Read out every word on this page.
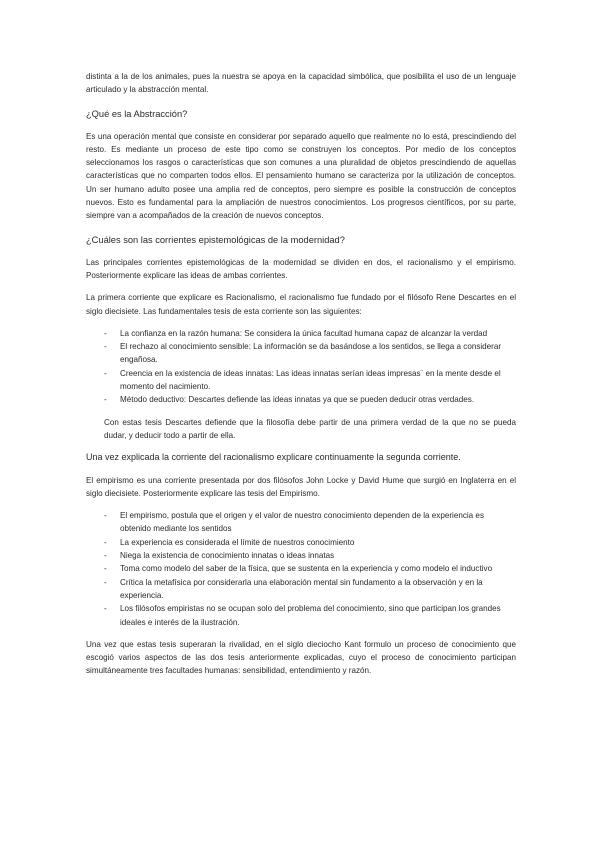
distinta a la de los animales, pues la nuestra se apoya en la capacidad simbólica, que posibilita el uso de un lenguaje articulado y la abstracción mental.

¿Qué es la Abstracción?

Es una operación mental que consiste en considerar por separado aquello que realmente no lo está, prescindiendo del resto. Es mediante un proceso de este tipo como se construyen los conceptos. Por medio de los conceptos seleccionamos los rasgos o características que son comunes a una pluralidad de objetos prescindiendo de aquellas características que no comparten todos ellos. El pensamiento humano se caracteriza por la utilización de conceptos. Un ser humano adulto posee una amplia red de conceptos, pero siempre es posible la construcción de conceptos nuevos. Esto es fundamental para la ampliación de nuestros conocimientos. Los progresos científicos, por su parte, siempre van a acompañados de la creación de nuevos conceptos.

¿Cuáles son las corrientes epistemológicas de la modernidad?

Las principales corrientes epistemológicas de la modernidad se dividen en dos, el racionalismo y el empirismo. Posteriormente explicare las ideas de ambas corrientes.

La primera corriente que explicare es Racionalismo, el racionalismo fue fundado por el filósofo Rene Descartes en el siglo diecisiete. Las fundamentales tesis de esta corriente son las siguientes:

- La confianza en la razón humana: Se considera la única facultad humana capaz de alcanzar la verdad
- El rechazo al conocimiento sensible: La información se da basándose a los sentidos, se llega a considerar engañosa.
- Creencia en la existencia de ideas innatas: Las ideas innatas serían ideas impresas¨ en la mente desde el momento del nacimiento.
- Método deductivo: Descartes defiende las ideas innatas ya que se pueden deducir otras verdades.

Con estas tesis Descartes defiende que la filosofía debe partir de una primera verdad de la que no se pueda dudar, y deducir todo a partir de ella.

Una vez explicada la corriente del racionalismo explicare continuamente la segunda corriente.

El empirismo es una corriente presentada por dos filósofos John Locke y David Hume que surgió en Inglaterra en el siglo diecisiete. Posteriormente explicare las tesis del Empirismo.

- El empirismo, postula que el origen y el valor de nuestro conocimiento dependen de la experiencia es obtenido mediante los sentidos
- La experiencia es considerada el límite de nuestros conocimiento
- Niega la existencia de conocimiento innatas o ideas innatas
- Toma como modelo del saber de la física, que se sustenta en la experiencia y como modelo el inductivo
- Crítica la metafísica por considerarla una elaboración mental sin fundamento a la observación y en la experiencia.
- Los filósofos empiristas no se ocupan solo del problema del conocimiento, sino que participan los grandes ideales e interés de la ilustración.

Una vez que estas tesis superaran la rivalidad, en el siglo dieciocho Kant formulo un proceso de conocimiento que escogió varios aspectos de las dos tesis anteriormente explicadas, cuyo el proceso de conocimiento participan simultáneamente tres facultades humanas: sensibilidad, entendimiento y razón.
